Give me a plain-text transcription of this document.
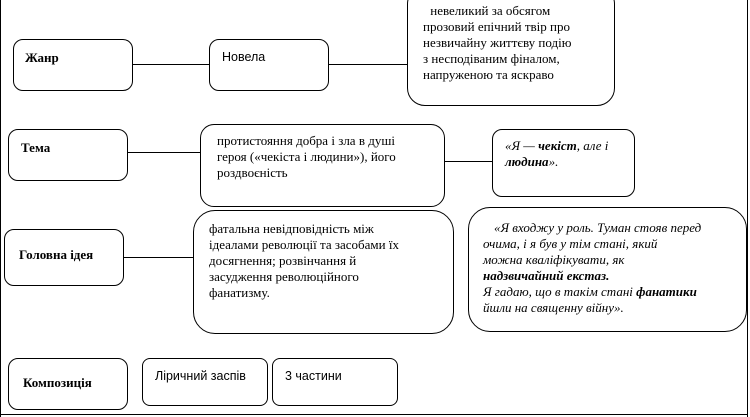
Жанр	Новела
невеликий за обсягом
прозовий епічний твір про
незвичайну життєву подію
з несподіваним фіналом,
напруженою та яскраво
Тема	протистояння добра і зла в душі
героя («чекіста і людини»), його
роздвоєність
«Я — чекіст, але і
людина».
Головна ідея
фатальна невідповідність між
ідеалами революції та засобами їх
досягнення; розвінчання й
засудження революційного
фанатизму.
«Я входжу у роль. Туман стояв перед
очима, і я був у тім стані, який
можна кваліфікувати, як
надзвичайний екстаз.
Я гадаю, що в такім стані фанатики
йшли на священну війну».
Композиція	Ліричний заспів	3 частини
